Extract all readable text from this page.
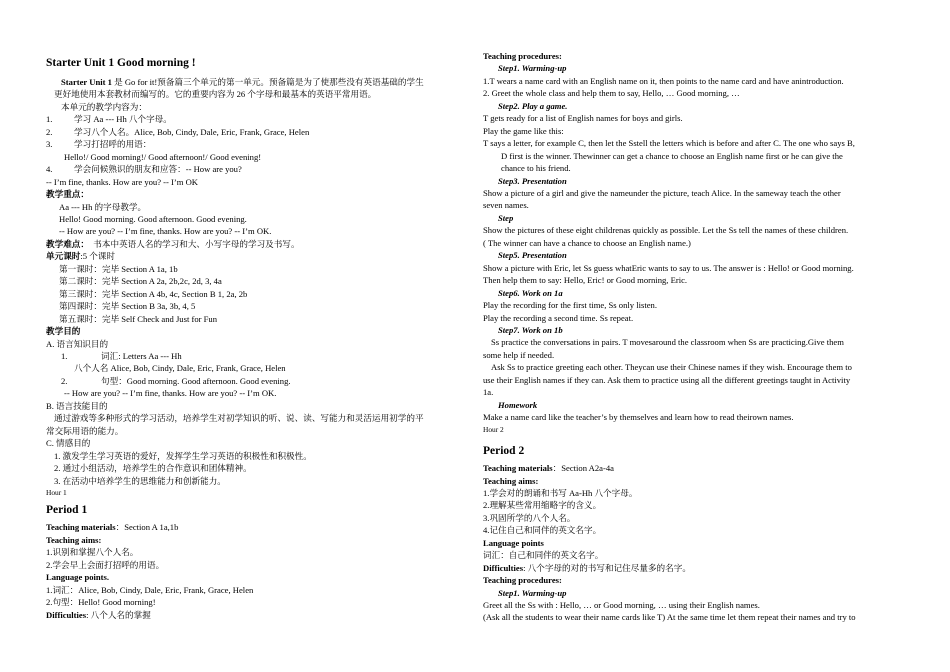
Starter Unit 1 Good morning !
Starter Unit 1 是 Go for it!预备篇三个单元的第一单元。预备篇是为了使那些没有英语基础的学生
更好地使用本套教材而编写的。它的重要内容为 26 个字母和最基本的英语平常用语。
本单元的教学内容为：
1.	学习 Aa --- Hh 八个字母。
2.	学习八个人名。Alice, Bob, Cindy, Dale, Eric, Frank, Grace, Helen
3.	学习打招呼的用语：
Hello!/ Good morning!/ Good afternoon!/ Good evening!
4.	学会问候熟识的朋友和应答：-- How are you?
-- I’m fine, thanks. How are you? -- I’m OK
教学重点：
Aa --- Hh 的字母教学。
Hello! Good morning. Good afternoon. Good evening.
-- How are you? -- I’m fine, thanks. How are you? -- I’m OK.
教学难点： 书本中英语人名的学习和大、小写字母的学习及书写。
单元课时:5 个课时
第一课时：完毕 Section A 1a, 1b
第二课时：完毕 Section A 2a, 2b,2c, 2d, 3, 4a
第三课时：完毕 Section A 4b, 4c, Section B 1, 2a, 2b
第四课时：完毕 Section B 3a, 3b, 4, 5
第五课时：完毕 Self Check and Just for Fun
教学目的
A. 语言知识目的
1.	词汇: Letters Aa --- Hh
八个人名 Alice, Bob, Cindy, Dale, Eric, Frank, Grace, Helen
2.	句型：Good morning. Good afternoon. Good evening.
-- How are you? -- I’m fine, thanks. How are you? -- I’m OK.
B. 语言技能目的
通过游戏等多种形式的学习活动，培养学生对初学知识的听、说、读、写能力和灵活运用初学的平
常交际用语的能力。
C. 情感目的
1. 激发学生学习英语的爱好，发挥学生学习英语的积极性和积极性。
2. 通过小组活动，培养学生的合作意识和团体精神。
3. 在活动中培养学生的思维能力和创新能力。
Hour 1
Period 1
Teaching materials：Section A 1a,1b
Teaching aims:
1.识别和掌握八个人名。
2.学会早上会面打招呼的用语。
Language points.
1.词汇：Alice, Bob, Cindy, Dale, Eric, Frank, Grace, Helen
2.句型：Hello! Good morning!
Difficulties: 八个人名的掌握
Teaching procedures:
Step1. Warming-up
1.T wears a name card with an English name on it, then points to the name card and have anintroduction.
2. Greet the whole class and help them to say, Hello, … Good morning, …
Step2. Play a game.
T gets ready for a list of English names for boys and girls.
Play the game like this:
T says a letter, for example C, then let the Sstell the letters which is before and after C. The one who says B,
D first is the winner. Thewinner can get a chance to choose an English name first or he can give the
chance to his friend.
Step3. Presentation
Show a picture of a girl and give the nameunder the picture, teach Alice. In the sameway teach the other
seven names.
Step
Show the pictures of these eight childrenas quickly as possible. Let the Ss tell the names of these children.
( The winner can have a chance to choose an English name.)
Step5. Presentation
Show a picture with Eric, let Ss guess whatEric wants to say to us. The answer is : Hello! or Good morning.
Then help them to say: Hello, Eric! or Good morning, Eric.
Step6. Work on 1a
Play the recording for the first time, Ss only listen.
Play the recording a second time. Ss repeat.
Step7. Work on 1b
Ss practice the conversations in pairs. T movesaround the classroom when Ss are practicing.Give them
some help if needed.
Ask Ss to practice greeting each other. Theycan use their Chinese names if they wish. Encourage them to
use their English names if they can. Ask them to practice using all the different greetings taught in Activity
1a.
Homework
Make a name card like the teacher’s by themselves and learn how to read theirown names.
Hour 2
Period 2
Teaching materials：Section A2a-4a
Teaching aims:
1.学会对的朗诵和书写 Aa-Hh 八个字母。
2.理解某些常用缩略字的含义。
3.巩固所学的八个人名。
4.记住自己和同伴的英文名字。
Language points
词汇：自己和同伴的英文名字。
Difficulties: 八个字母的对的书写和记住尽量多的名字。
Teaching procedures:
Step1. Warming-up
Greet all the Ss with : Hello, … or Good morning, … using their English names.
(Ask all the students to wear their name cards like T) At the same time let them repeat their names and try to
